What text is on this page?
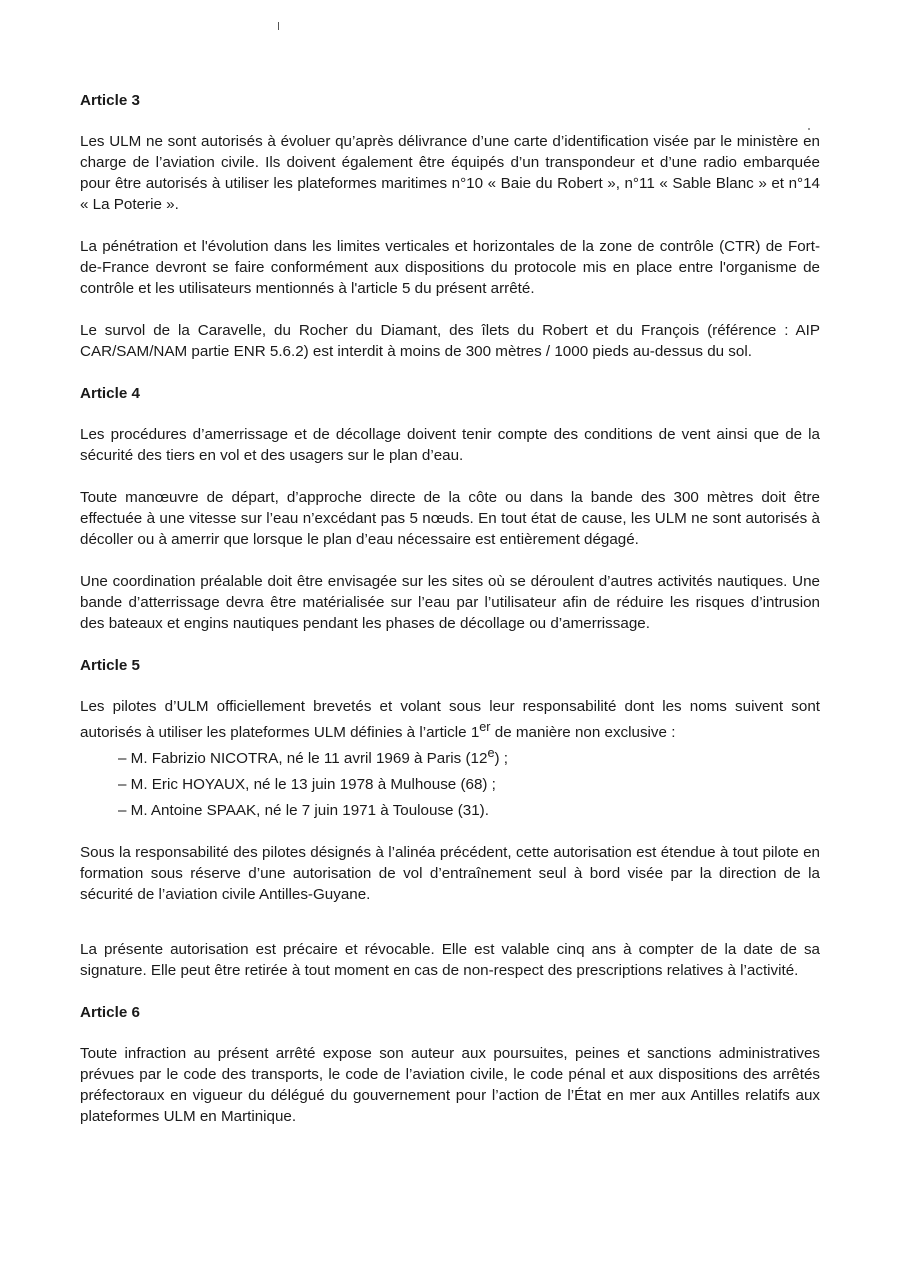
Article 3

Les ULM ne sont autorisés à évoluer qu’après délivrance d’une carte d’identification visée par le ministère en charge de l’aviation civile. Ils doivent également être équipés d’un transpondeur et d’une radio embarquée pour être autorisés à utiliser les plateformes maritimes n°10 « Baie du Robert », n°11 « Sable Blanc » et n°14 « La Poterie ».

La pénétration et l'évolution dans les limites verticales et horizontales de la zone de contrôle (CTR) de Fort-de-France devront se faire conformément aux dispositions du protocole mis en place entre l'organisme de contrôle et les utilisateurs mentionnés à l'article 5 du présent arrêté.

Le survol de la Caravelle, du Rocher du Diamant, des îlets du Robert et du François (référence : AIP CAR/SAM/NAM partie ENR 5.6.2) est interdit à moins de 300 mètres / 1000 pieds au-dessus du sol.

Article 4

Les procédures d’amerrissage et de décollage doivent tenir compte des conditions de vent ainsi que de la sécurité des tiers en vol et des usagers sur le plan d’eau.

Toute manœuvre de départ, d’approche directe de la côte ou dans la bande des 300 mètres doit être effectuée à une vitesse sur l’eau n’excédant pas 5 nœuds. En tout état de cause, les ULM ne sont autorisés à décoller ou à amerrir que lorsque le plan d’eau nécessaire est entièrement dégagé.

Une coordination préalable doit être envisagée sur les sites où se déroulent d’autres activités nautiques. Une bande d’atterrissage devra être matérialisée sur l’eau par l’utilisateur afin de réduire les risques d’intrusion des bateaux et engins nautiques pendant les phases de décollage ou d’amerrissage.

Article 5

Les pilotes d’ULM officiellement brevetés et volant sous leur responsabilité dont les noms suivent sont autorisés à utiliser les plateformes ULM définies à l’article 1er de manière non exclusive :

– M. Fabrizio NICOTRA, né le 11 avril 1969 à Paris (12e) ;
– M. Eric HOYAUX, né le 13 juin 1978 à Mulhouse (68) ;
– M. Antoine SPAAK, né le 7 juin 1971 à Toulouse (31).

Sous la responsabilité des pilotes désignés à l’alinéa précédent, cette autorisation est étendue à tout pilote en formation sous réserve d’une autorisation de vol d’entraînement seul à bord visée par la direction de la sécurité de l’aviation civile Antilles-Guyane.

La présente autorisation est précaire et révocable. Elle est valable cinq ans à compter de la date de sa signature. Elle peut être retirée à tout moment en cas de non-respect des prescriptions relatives à l’activité.

Article 6

Toute infraction au présent arrêté expose son auteur aux poursuites, peines et sanctions administratives prévues par le code des transports, le code de l’aviation civile, le code pénal et aux dispositions des arrêtés préfectoraux en vigueur du délégué du gouvernement pour l’action de l’État en mer aux Antilles relatifs aux plateformes ULM en Martinique.
